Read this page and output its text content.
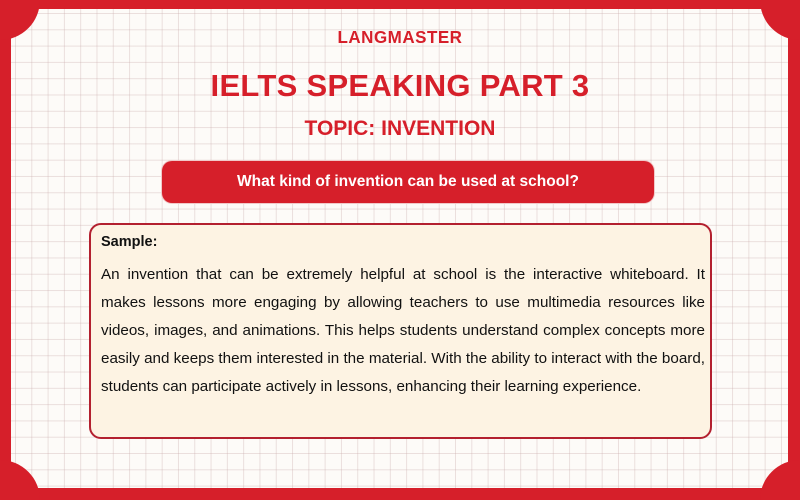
LANGMASTER
IELTS SPEAKING PART 3
TOPIC: INVENTION
What kind of invention can be used at school?
Sample:
An invention that can be extremely helpful at school is the interactive whiteboard. It makes lessons more engaging by allowing teachers to use multimedia resources like videos, images, and animations. This helps students understand complex concepts more easily and keeps them interested in the material. With the ability to interact with the board, students can participate actively in lessons, enhancing their learning experience.
